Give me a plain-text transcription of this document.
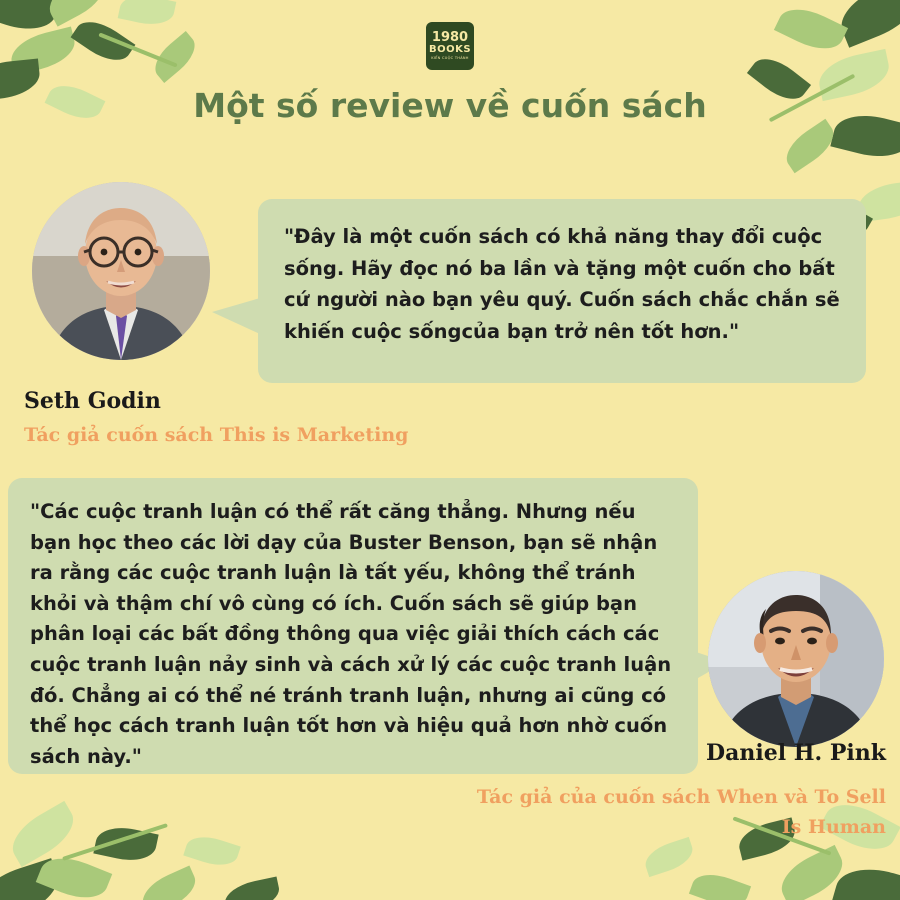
1980
BOOKS
KIẾN CUỘC THÀNH
Một số review về cuốn sách

"Đây là một cuốn sách có khả năng thay đổi cuộc sống. Hãy đọc nó ba lần và tặng một cuốn cho bất cứ người nào bạn yêu quý. Cuốn sách chắc chắn sẽ khiến cuộc sốngcủa bạn trở nên tốt hơn."

Seth Godin
Tác giả cuốn sách This is Marketing

"Các cuộc tranh luận có thể rất căng thẳng. Nhưng nếu bạn học theo các lời dạy của Buster Benson, bạn sẽ nhận ra rằng các cuộc tranh luận là tất yếu, không thể tránh khỏi và thậm chí vô cùng có ích. Cuốn sách sẽ giúp bạn phân loại các bất đồng thông qua việc giải thích cách các cuộc tranh luận nảy sinh và cách xử lý các cuộc tranh luận đó. Chẳng ai có thể né tránh tranh luận, nhưng ai cũng có thể học cách tranh luận tốt hơn và hiệu quả hơn nhờ cuốn sách này."	Daniel H. Pink
Tác giả của cuốn sách When và To Sell Is Human
